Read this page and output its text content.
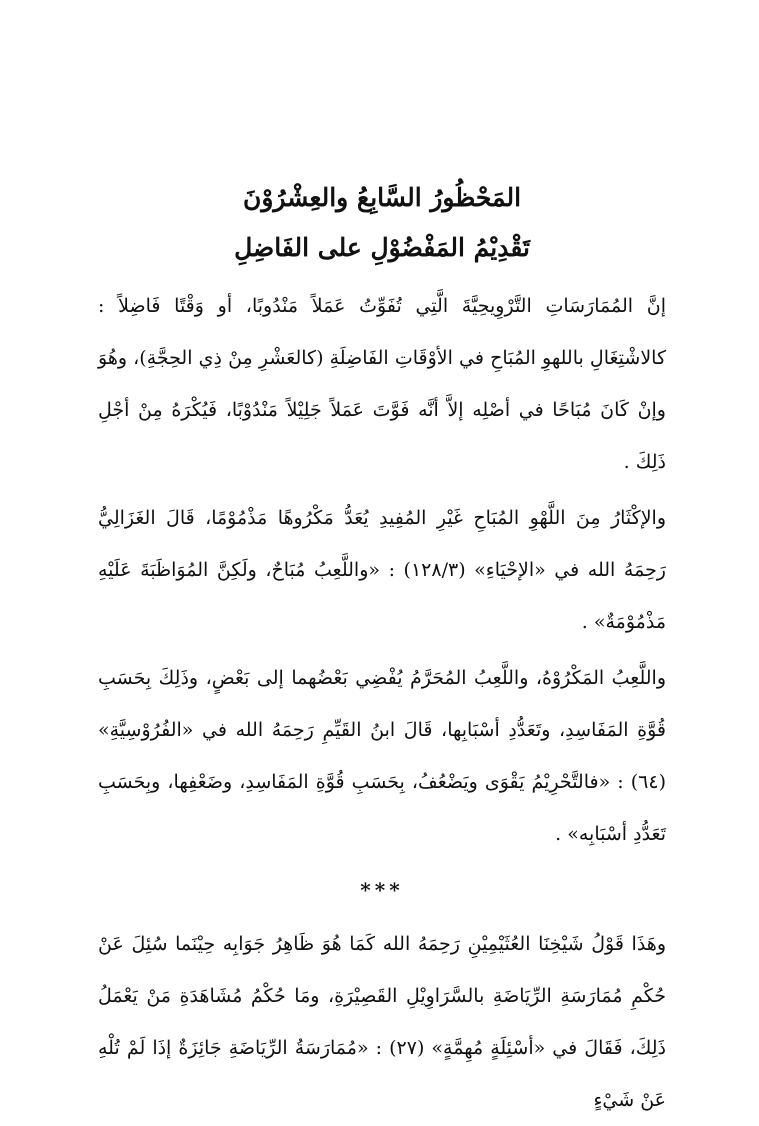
المَحْظُورُ السَّابِعُ والعِشْرُوْنَ
تَقْدِيْمُ المَفْضُوْلِ على الفَاضِلِ

إنَّ المُمَارَسَاتِ التَّرْوِيحِيَّةَ الَّتِي تُفَوِّتُ عَمَلاً مَنْدُوبًا، أو وَقْتًا فَاضِلاً : كالاشْتِغَالِ باللهوِ المُبَاحِ في الأوْقَاتِ الفَاضِلَةِ (كالعَشْرِ مِنْ ذِي الحِجَّةِ)، وهُوَ وإنْ كَانَ مُبَاحًا في أصْلِه إلاَّ أنَّه فَوَّتَ عَمَلاً جَلِيْلاً مَنْدُوْبًا، فَيُكْرَهُ مِنْ أجْلِ ذَلِكَ .

والإكْثَارُ مِنَ اللَّهْوِ المُبَاحِ غَيْرِ المُفِيدِ يُعَدُّ مَكْرُوهًا مَذْمُوْمًا، قَالَ الغَزَالِيُّ رَحِمَهُ الله في «الإحْيَاءِ» (١٢٨/٣) : «واللَّعِبُ مُبَاحٌ، ولَكِنَّ المُوَاظَبَةَ عَلَيْهِ مَذْمُوْمَةٌ» .

واللَّعِبُ المَكْرُوْهُ، واللَّعِبُ المُحَرَّمُ يُفْضِي بَعْضُهما إلى بَعْضٍ، وذَلِكَ بِحَسَبِ قُوَّةِ المَفَاسِدِ، وتَعَدُّدِ أسْبَابِها، قَالَ ابنُ القَيِّمِ رَحِمَهُ الله في «الفُرُوْسِيَّةِ» (٦٤) : «فالتَّحْرِيْمُ يَقْوَى ويَضْعُفُ، بِحَسَبِ قُوَّةِ المَفَاسِدِ، وضَعْفِها، وبِحَسَبِ تَعَدُّدِ أسْبَابِه» .

***

وهَذَا قَوْلُ شَيْخِنَا العُثَيْمِيْنِ رَحِمَهُ الله كَمَا هُوَ ظَاهِرُ جَوَابِه حِيْنَما سُئِلَ عَنْ حُكْمِ مُمَارَسَةِ الرِّيَاضَةِ بالسَّرَاوِيْلِ القَصِيْرَةِ، ومَا حُكْمُ مُشَاهَدَةِ مَنْ يَعْمَلُ ذَلِكَ، فَقَالَ في «أسْئِلَةٍ مُهِمَّةٍ» (٢٧) : «مُمَارَسَةُ الرِّيَاضَةِ جَائِزَةٌ إذَا لَمْ تُلْهِ عَنْ شَيْءٍ
